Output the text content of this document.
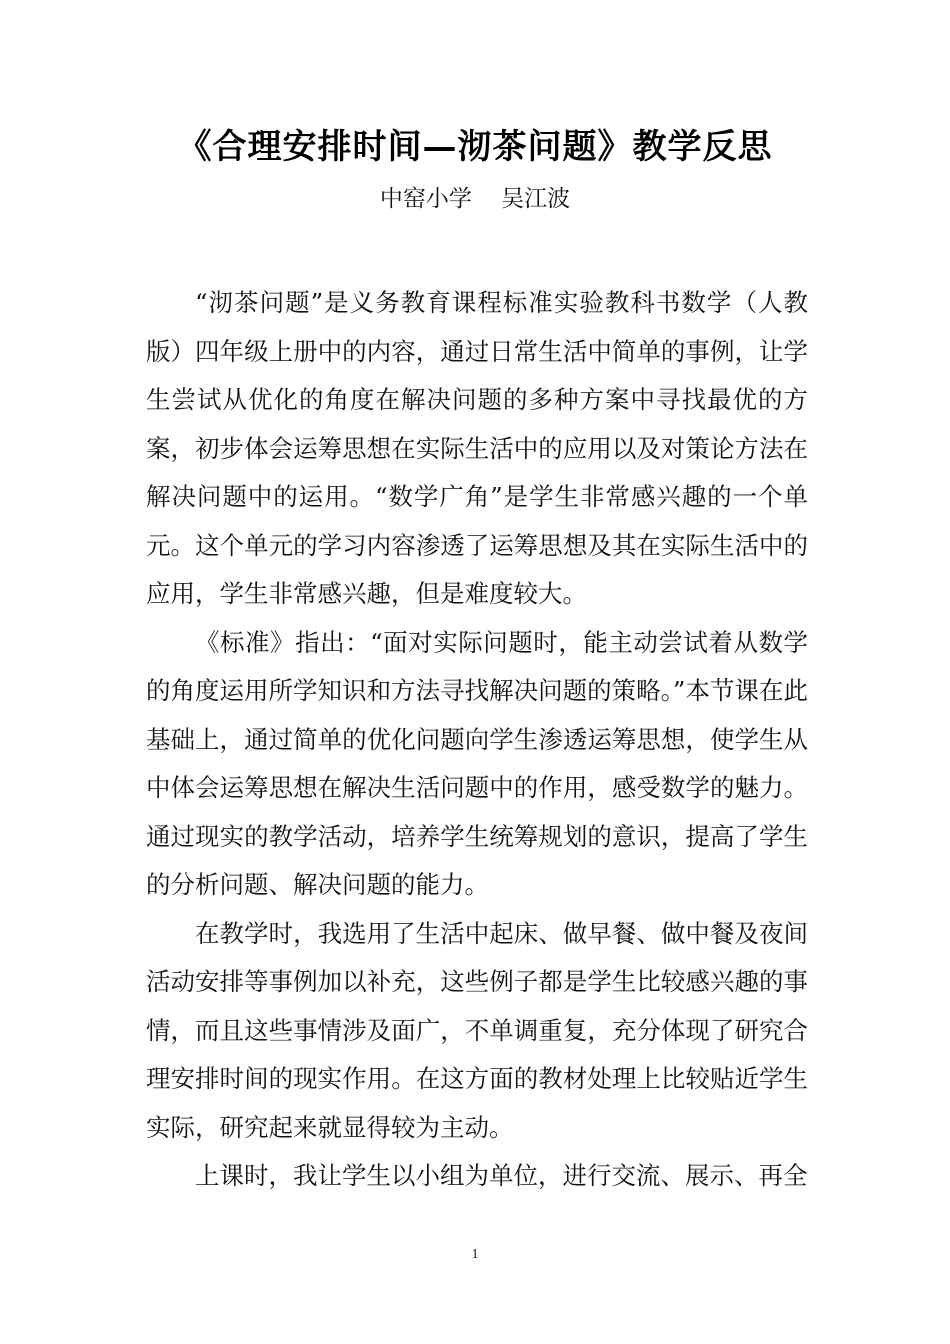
《合理安排时间—沏茶问题》教学反思
中窑小学    吴江波

“沏茶问题”是义务教育课程标准实验教科书数学（人教版）四年级上册中的内容，通过日常生活中简单的事例，让学生尝试从优化的角度在解决问题的多种方案中寻找最优的方案，初步体会运筹思想在实际生活中的应用以及对策论方法在解决问题中的运用。“数学广角”是学生非常感兴趣的一个单元。这个单元的学习内容渗透了运筹思想及其在实际生活中的应用，学生非常感兴趣，但是难度较大。

《标准》指出：“面对实际问题时，能主动尝试着从数学的角度运用所学知识和方法寻找解决问题的策略。”本节课在此基础上，通过简单的优化问题向学生渗透运筹思想，使学生从中体会运筹思想在解决生活问题中的作用，感受数学的魅力。通过现实的教学活动，培养学生统筹规划的意识，提高了学生的分析问题、解决问题的能力。

在教学时，我选用了生活中起床、做早餐、做中餐及夜间活动安排等事例加以补充，这些例子都是学生比较感兴趣的事情，而且这些事情涉及面广，不单调重复，充分体现了研究合理安排时间的现实作用。在这方面的教材处理上比较贴近学生实际，研究起来就显得较为主动。

上课时，我让学生以小组为单位，进行交流、展示、再全

1
